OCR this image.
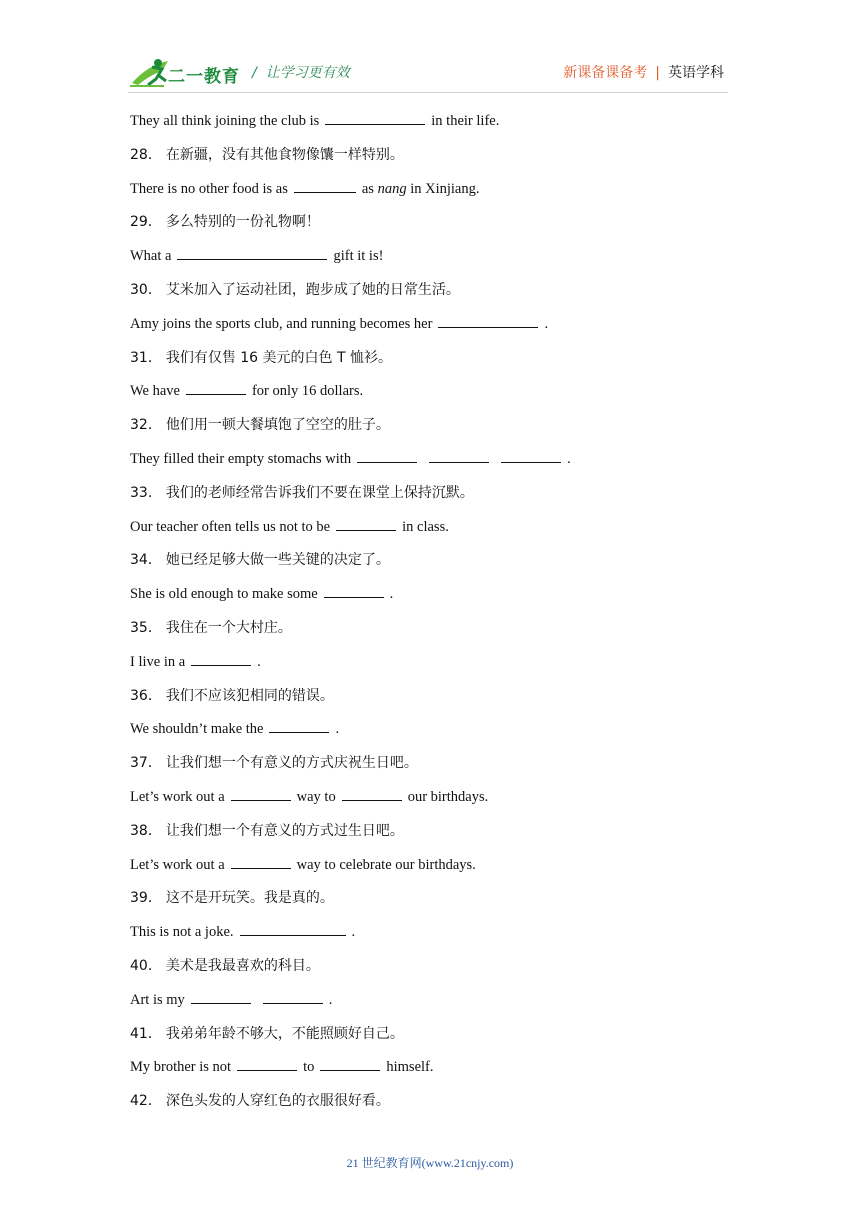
二一教育 /  让学习更有效	新课备课备考 | 英语学科
They all think joining the club is	in their life.
28． 在新疆，没有其他食物像馕一样特别。
There is no other food is as	as nang in Xinjiang.
29． 多么特别的一份礼物啊！
What a	gift it is!
30． 艾米加入了运动社团，跑步成了她的日常生活。
Amy joins the sports club, and running becomes her	.
31． 我们有仅售 16 美元的白色 T 恤衫。
We have	for only 16 dollars.
32． 他们用一顿大餐填饱了空空的肚子。
They filled their empty stomachs with	.
33． 我们的老师经常告诉我们不要在课堂上保持沉默。
Our teacher often tells us not to be	in class.
34． 她已经足够大做一些关键的决定了。
She is old enough to make some	.
35． 我住在一个大村庄。
I live in a	.
36． 我们不应该犯相同的错误。
We shouldn’t make the	.
37． 让我们想一个有意义的方式庆祝生日吧。
Let’s work out a	way to	our birthdays.
38． 让我们想一个有意义的方式过生日吧。
Let’s work out a	way to celebrate our birthdays.
39． 这不是开玩笑。我是真的。
This is not a joke.	.
40． 美术是我最喜欢的科目。
Art is my	.
41． 我弟弟年龄不够大，不能照顾好自己。
My brother is not	to	himself.
42． 深色头发的人穿红色的衣服很好看。
21 世纪教育网(www.21cnjy.com)
